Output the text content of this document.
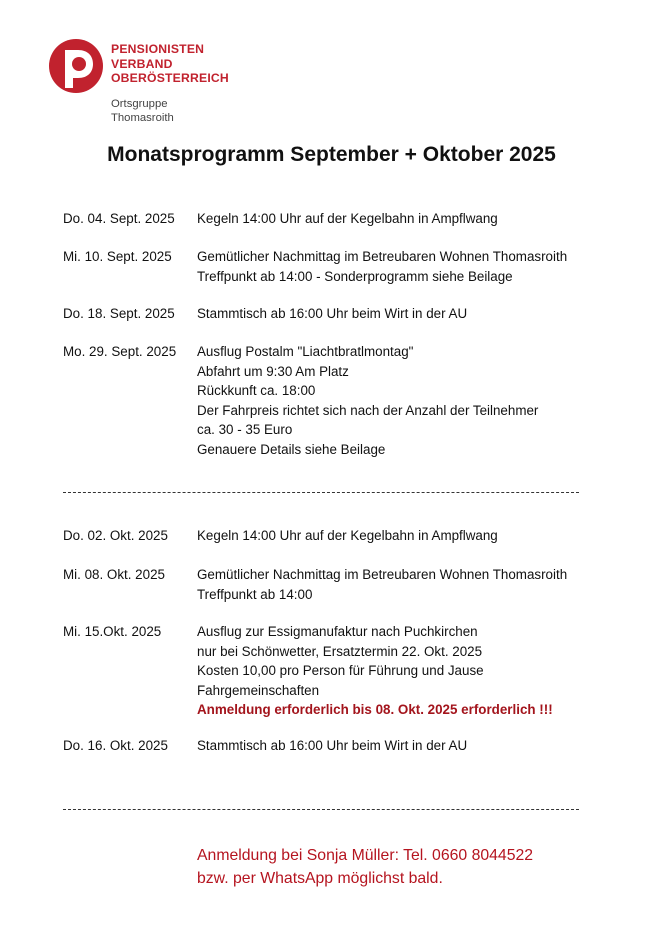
PENSIONISTEN
VERBAND
OBERÖSTERREICH
Ortsgruppe
Thomasroith
Monatsprogramm September + Oktober 2025
Do. 04. Sept. 2025	Kegeln 14:00 Uhr auf der Kegelbahn in Ampflwang
Mi. 10. Sept. 2025	Gemütlicher Nachmittag im Betreubaren Wohnen Thomasroith
Treffpunkt ab 14:00 - Sonderprogramm siehe Beilage
Do. 18. Sept. 2025	Stammtisch ab 16:00 Uhr beim Wirt in der AU
Mo. 29. Sept. 2025	Ausflug Postalm "Liachtbratlmontag"
Abfahrt um 9:30 Am Platz
Rückkunft ca. 18:00
Der Fahrpreis richtet sich nach der Anzahl der Teilnehmer
ca. 30 - 35 Euro
Genauere Details siehe Beilage
Do. 02. Okt. 2025	Kegeln 14:00 Uhr auf der Kegelbahn in Ampflwang
Mi. 08. Okt. 2025	Gemütlicher Nachmittag im Betreubaren Wohnen Thomasroith
Treffpunkt ab 14:00
Mi. 15.Okt. 2025	Ausflug zur Essigmanufaktur nach Puchkirchen
nur bei Schönwetter, Ersatztermin 22. Okt. 2025
Kosten 10,00 pro Person für Führung und Jause
Fahrgemeinschaften
Anmeldung erforderlich bis 08. Okt. 2025 erforderlich !!!
Do. 16. Okt. 2025	Stammtisch ab 16:00 Uhr beim Wirt in der AU
Anmeldung bei Sonja Müller: Tel. 0660 8044522
bzw. per WhatsApp möglichst bald.
